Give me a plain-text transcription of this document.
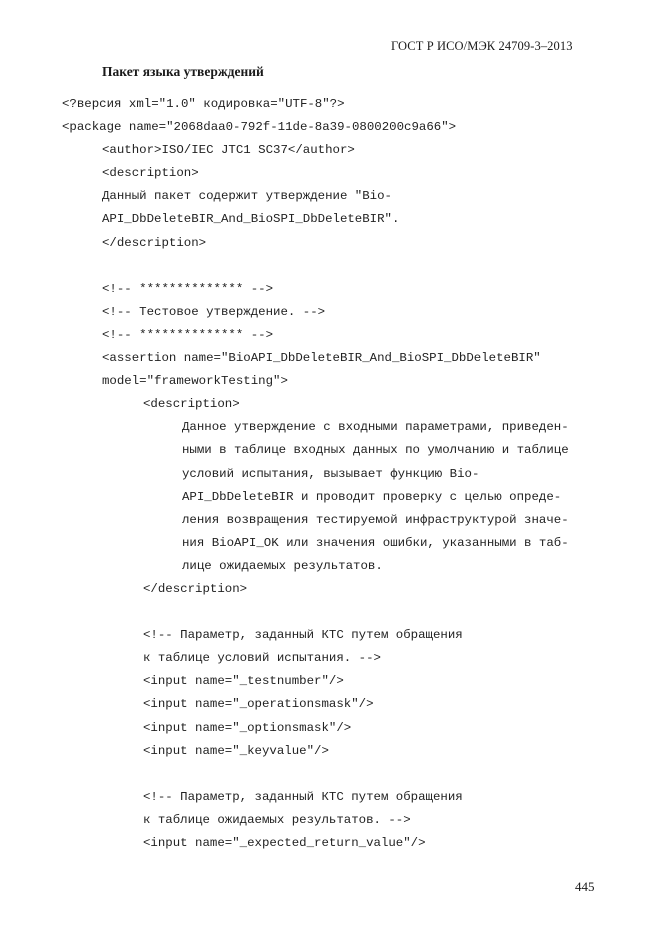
ГОСТ Р ИСО/МЭК 24709-3–2013
Пакет языка утверждений
<?версия xml="1.0" кодировка="UTF-8"?>
<package name="2068daa0-792f-11de-8a39-0800200c9a66">
<author>ISO/IEC JTC1 SC37</author>
<description>
Данный пакет содержит утверждение "Bio-
API_DbDeleteBIR_And_BioSPI_DbDeleteBIR".
</description>
<!-- ************** -->
<!-- Тестовое утверждение. -->
<!-- ************** -->
<assertion name="BioAPI_DbDeleteBIR_And_BioSPI_DbDeleteBIR"
model="frameworkTesting">
<description>
Данное утверждение с входными параметрами, приведен-
ными в таблице входных данных по умолчанию и таблице
условий испытания, вызывает функцию Bio-
API_DbDeleteBIR и проводит проверку с целью опреде-
ления возвращения тестируемой инфраструктурой значе-
ния BioAPI_OK или значения ошибки, указанными в таб-
лице ожидаемых результатов.
</description>
<!-- Параметр, заданный КТС путем обращения
к таблице условий испытания. -->
<input name="_testnumber"/>
<input name="_operationsmask"/>
<input name="_optionsmask"/>
<input name="_keyvalue"/>
<!-- Параметр, заданный КТС путем обращения
к таблице ожидаемых результатов. -->
<input name="_expected_return_value"/>
445
